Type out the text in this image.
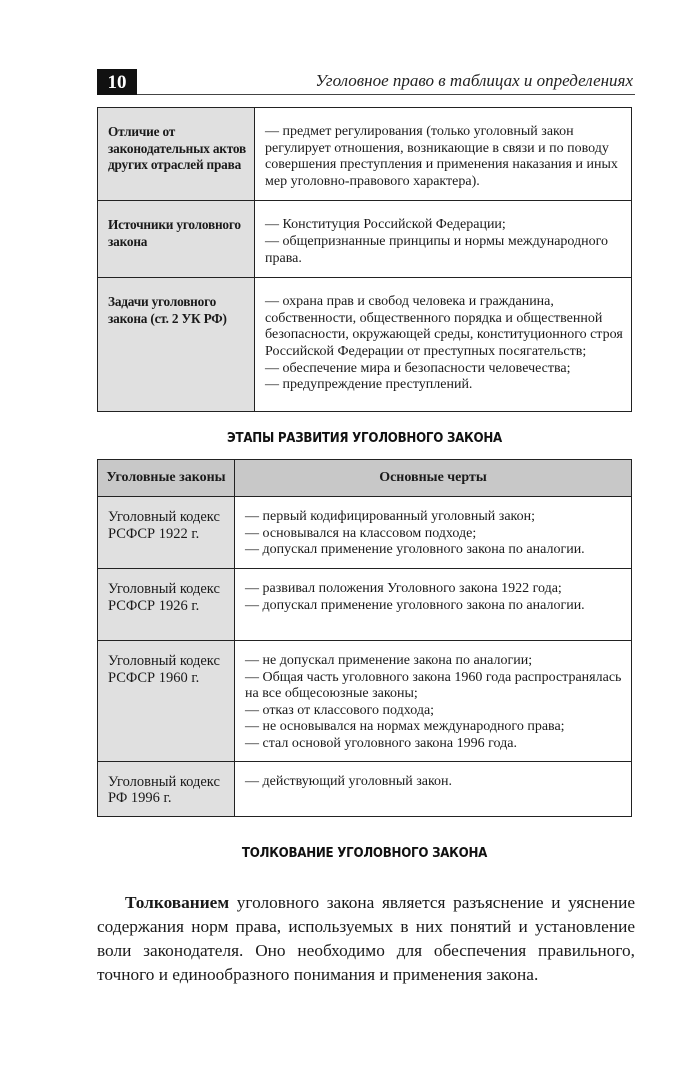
10	Уголовное право в таблицах и определениях
Отличие от законодательных актов других отраслей права	— предмет регулирования (только уголовный закон регулирует отношения, возникающие в связи и по поводу совершения преступления и применения наказания и иных мер уголовно-правового характера).
Источники уголовного закона	
— Конституция Российской Федерации;
— общепризнанные принципы и нормы международного права.

Задачи уголовного закона (ст. 2 УК РФ)	
— охрана прав и свобод человека и гражданина, собственности, общественного порядка и общественной безопасности, окружающей среды, конституционного строя Российской Федерации от преступных посягательств;
— обеспечение мира и безопасности человечества;
— предупреждение преступлений.
ЭТАПЫ РАЗВИТИЯ УГОЛОВНОГО ЗАКОНА
Уголовные законы	Основные черты
Уголовный кодекс РСФСР 1922 г.	
— первый кодифицированный уголовный закон;
— основывался на классовом подходе;
— допускал применение уголовного закона по аналогии.

Уголовный кодекс РСФСР 1926 г.	
— развивал положения Уголовного закона 1922 года;
— допускал применение уголовного закона по аналогии.

Уголовный кодекс РСФСР 1960 г.	
— не допускал применение закона по аналогии;
— Общая часть уголовного закона 1960 года распространялась на все общесоюзные законы;
— отказ от классового подхода;
— не основывался на нормах международного права;
— стал основой уголовного закона 1996 года.

Уголовный кодекс РФ 1996 г.	
— действующий уголовный закон.
ТОЛКОВАНИЕ УГОЛОВНОГО ЗАКОНА

Толкованием уголовного закона является разъяснение и уяснение содержания норм права, используемых в них понятий и установление воли законодателя. Оно необходимо для обеспечения правильного, точного и единообразного понимания и применения закона.
